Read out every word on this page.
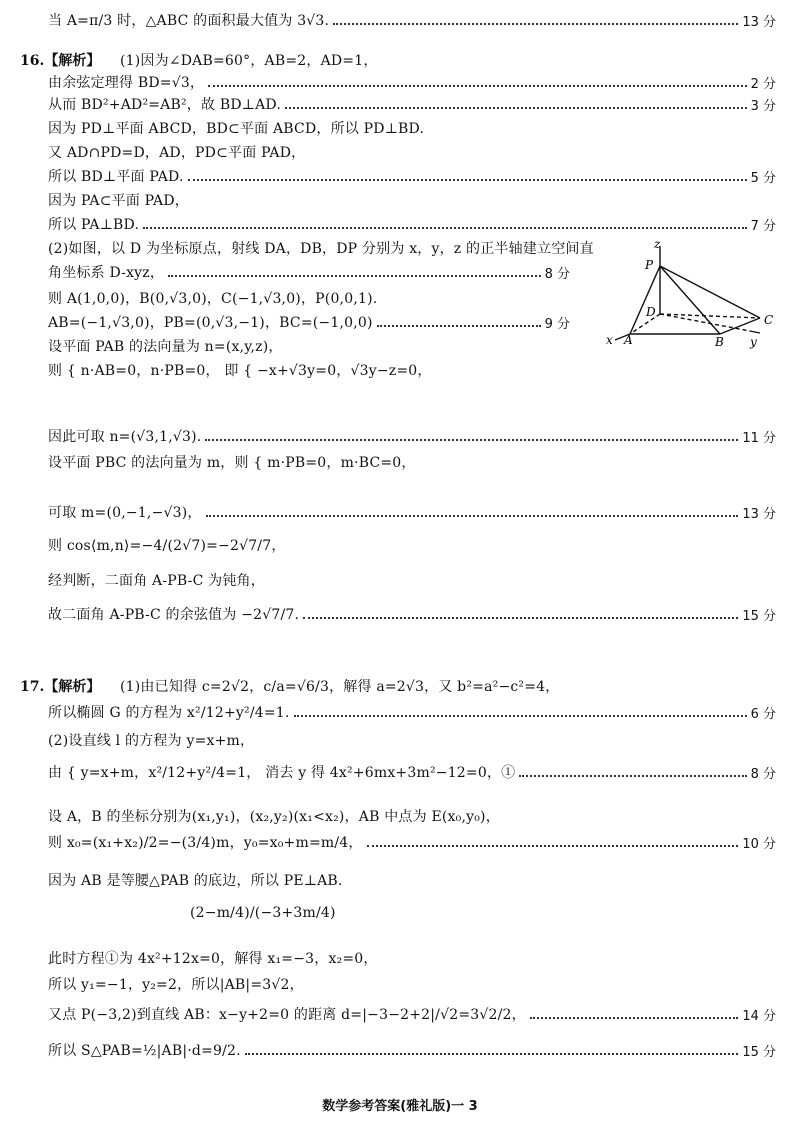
16.【解析】
17.【解析】
当 A=π/3 时，△ABC 的面积最大值为 3√3.	13 分
(1)因为∠DAB=60°，AB=2，AD=1，
由余弦定理得 BD=√3，	2 分
从而 BD²+AD²=AB²，故 BD⊥AD.	3 分
因为 PD⊥平面 ABCD，BD⊂平面 ABCD，所以 PD⊥BD.
又 AD∩PD=D，AD，PD⊂平面 PAD，
所以 BD⊥平面 PAD.	5 分
因为 PA⊂平面 PAD，
所以 PA⊥BD.	7 分
(2)如图，以 D 为坐标原点，射线 DA，DB，DP 分别为 x，y，z 的正半轴建立空间直
角坐标系 D-xyz，	8 分
则 A(1,0,0)，B(0,√3,0)，C(−1,√3,0)，P(0,0,1).
AB=(−1,√3,0)，PB=(0,√3,−1)，BC=(−1,0,0)	9 分
设平面 PAB 的法向量为 n=(x,y,z)，
则 { n·AB=0，n·PB=0， 即 { −x+√3y=0，√3y−z=0，
因此可取 n=(√3,1,√3).	11 分
设平面 PBC 的法向量为 m，则 { m·PB=0，m·BC=0，
可取 m=(0,−1,−√3)，	13 分
则 cos⟨m,n⟩=−4/(2√7)=−2√7/7，
经判断，二面角 A-PB-C 为钝角，
故二面角 A-PB-C 的余弦值为 −2√7/7.	15 分
(1)由已知得 c=2√2，c/a=√6/3，解得 a=2√3，又 b²=a²−c²=4，
所以椭圆 G 的方程为 x²/12+y²/4=1.	6 分
(2)设直线 l 的方程为 y=x+m，
由 { y=x+m，x²/12+y²/4=1， 消去 y 得 4x²+6mx+3m²−12=0，①	8 分
设 A，B 的坐标分别为(x₁,y₁)，(x₂,y₂)(x₁<x₂)，AB 中点为 E(x₀,y₀)，
则 x₀=(x₁+x₂)/2=−(3/4)m，y₀=x₀+m=m/4，	10 分
因为 AB 是等腰△PAB 的底边，所以 PE⊥AB.
(2−m/4)/(−3+3m/4)
此时方程①为 4x²+12x=0，解得 x₁=−3，x₂=0，
所以 y₁=−1，y₂=2，所以|AB|=3√2，
又点 P(−3,2)到直线 AB：x−y+2=0 的距离 d=|−3−2+2|/√2=3√2/2，	14 分
所以 S△PAB=½|AB|·d=9/2.	15 分
z
P
D
C
A	B
x	y
数学参考答案(雅礼版)一 3
